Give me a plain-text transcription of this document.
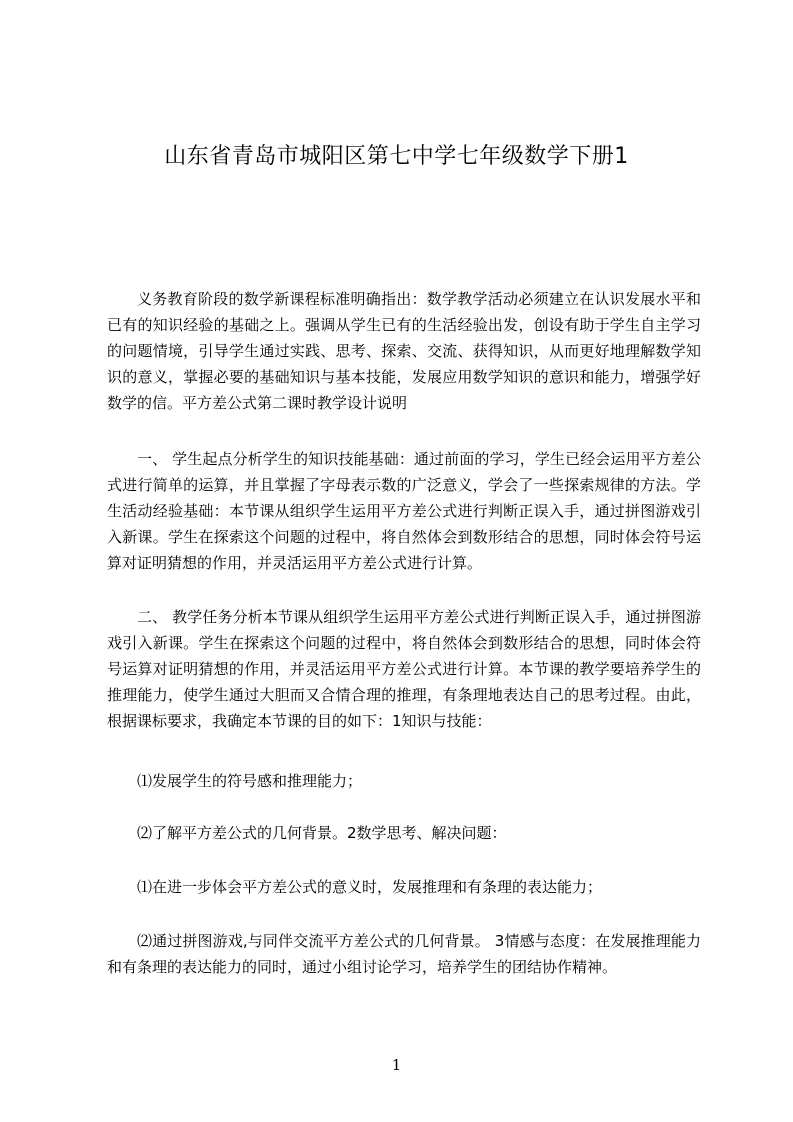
山东省青岛市城阳区第七中学七年级数学下册1

义务教育阶段的数学新课程标准明确指出：数学教学活动必须建立在认识发展水平和已有的知识经验的基础之上。强调从学生已有的生活经验出发，创设有助于学生自主学习的问题情境，引导学生通过实践、思考、探索、交流、获得知识，从而更好地理解数学知识的意义，掌握必要的基础知识与基本技能，发展应用数学知识的意识和能力，增强学好数学的信。平方差公式第二课时教学设计说明

一、 学生起点分析学生的知识技能基础：通过前面的学习，学生已经会运用平方差公式进行简单的运算，并且掌握了字母表示数的广泛意义，学会了一些探索规律的方法。学生活动经验基础：本节课从组织学生运用平方差公式进行判断正误入手，通过拼图游戏引入新课。学生在探索这个问题的过程中，将自然体会到数形结合的思想，同时体会符号运算对证明猜想的作用，并灵活运用平方差公式进行计算。

二、 教学任务分析本节课从组织学生运用平方差公式进行判断正误入手，通过拼图游戏引入新课。学生在探索这个问题的过程中，将自然体会到数形结合的思想，同时体会符号运算对证明猜想的作用，并灵活运用平方差公式进行计算。本节课的教学要培养学生的推理能力，使学生通过大胆而又合情合理的推理，有条理地表达自己的思考过程。由此，根据课标要求，我确定本节课的目的如下：1知识与技能：

⑴发展学生的符号感和推理能力；

⑵了解平方差公式的几何背景。2数学思考、解决问题：

⑴在进一步体会平方差公式的意义时，发展推理和有条理的表达能力；

⑵通过拼图游戏,与同伴交流平方差公式的几何背景。 3情感与态度：在发展推理能力和有条理的表达能力的同时，通过小组讨论学习，培养学生的团结协作精神。

1
